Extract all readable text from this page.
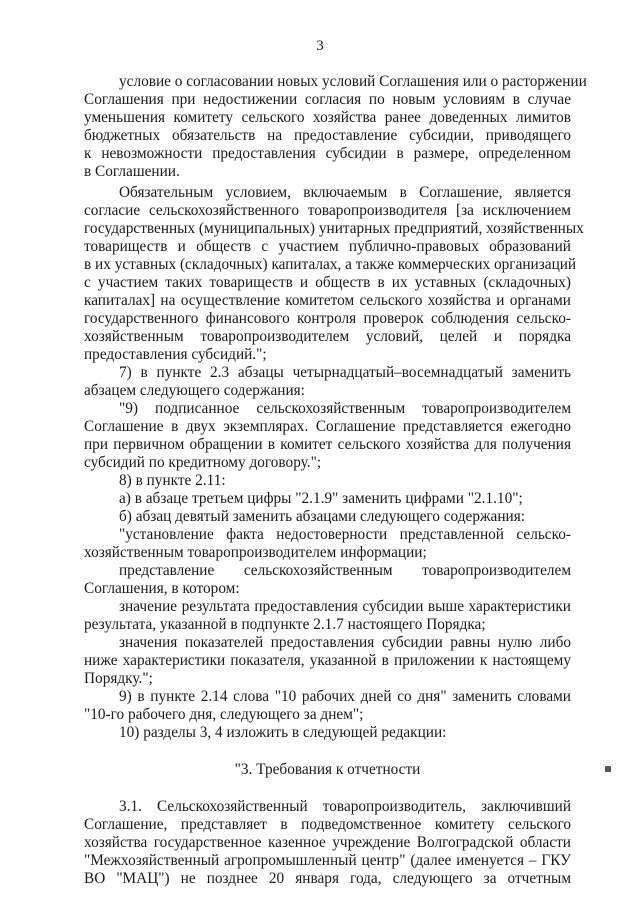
3
условие о согласовании новых условий Соглашения или о расторжении
Соглашения при недостижении согласия по новым условиям в случае
уменьшения комитету сельского хозяйства ранее доведенных лимитов
бюджетных обязательств на предоставление субсидии, приводящего
к невозможности предоставления субсидии в размере, определенном
в Соглашении.
Обязательным условием, включаемым в Соглашение, является
согласие сельскохозяйственного товаропроизводителя [за исключением
государственных (муниципальных) унитарных предприятий, хозяйственных
товариществ и обществ с участием публично-правовых образований
в их уставных (складочных) капиталах, а также коммерческих организаций
с участием таких товариществ и обществ в их уставных (складочных)
капиталах] на осуществление комитетом сельского хозяйства и органами
государственного финансового контроля проверок соблюдения сельско-
хозяйственным товаропроизводителем условий, целей и порядка
предоставления субсидий.";
7) в пункте 2.3 абзацы четырнадцатый–восемнадцатый заменить
абзацем следующего содержания:
"9) подписанное сельскохозяйственным товаропроизводителем
Соглашение в двух экземплярах. Соглашение представляется ежегодно
при первичном обращении в комитет сельского хозяйства для получения
субсидий по кредитному договору.";
8) в пункте 2.11:
а) в абзаце третьем цифры "2.1.9" заменить цифрами "2.1.10";
б) абзац девятый заменить абзацами следующего содержания:
"установление факта недостоверности представленной сельско-
хозяйственным товаропроизводителем информации;
представление сельскохозяйственным товаропроизводителем
Соглашения, в котором:
значение результата предоставления субсидии выше характеристики
результата, указанной в подпункте 2.1.7 настоящего Порядка;
значения показателей предоставления субсидии равны нулю либо
ниже характеристики показателя, указанной в приложении к настоящему
Порядку.";
9) в пункте 2.14 слова "10 рабочих дней со дня" заменить словами
"10-го рабочего дня, следующего за днем";
10) разделы 3, 4 изложить в следующей редакции:
"3. Требования к отчетности
3.1. Сельскохозяйственный товаропроизводитель, заключивший
Соглашение, представляет в подведомственное комитету сельского
хозяйства государственное казенное учреждение Волгоградской области
"Межхозяйственный агропромышленный центр" (далее именуется – ГКУ
ВО "МАЦ") не позднее 20 января года, следующего за отчетным
